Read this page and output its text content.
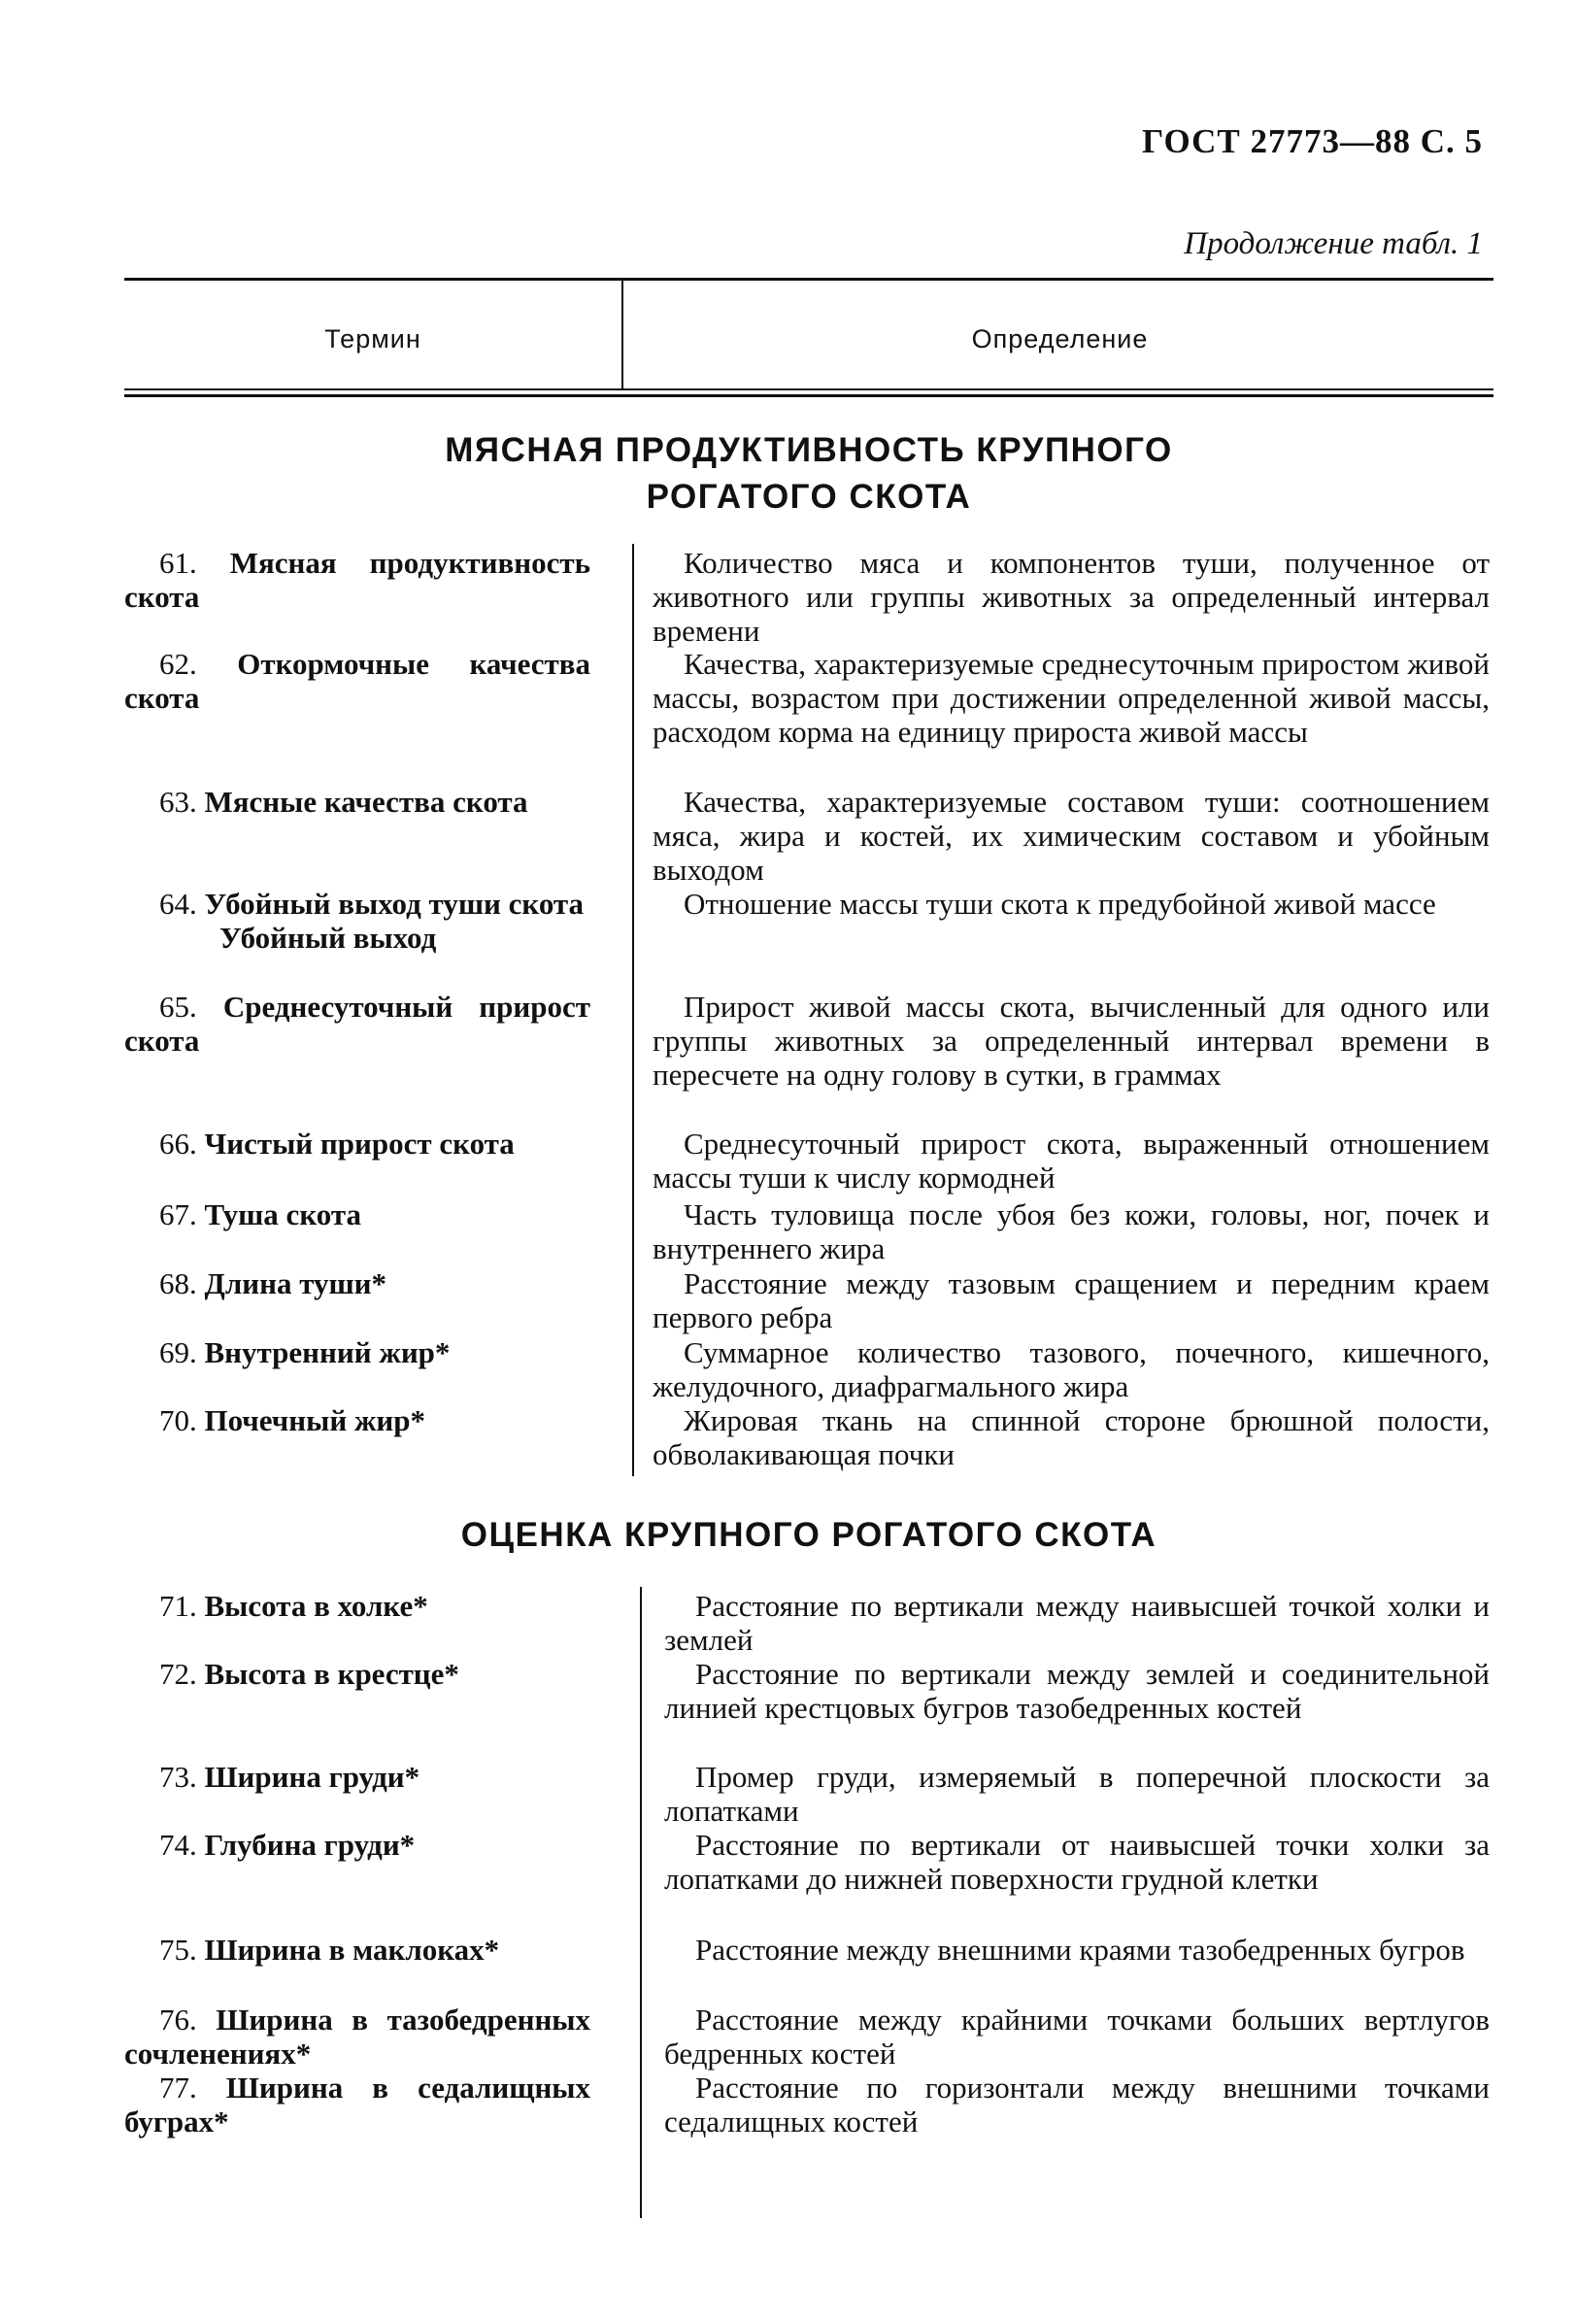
ГОСТ 27773—88 С. 5
Продолжение табл. 1
Термин	Определение
МЯСНАЯ ПРОДУКТИВНОСТЬ КРУПНОГО
РОГАТОГО СКОТА
61. Мясная продуктивность скота
62. Откормочные качества скота
63. Мясные качества скота
64. Убойный выход туши скота
Убойный выход
65. Среднесуточный прирост скота
66. Чистый прирост скота
67. Туша скота
68. Длина туши*
69. Внутренний жир*
70. Почечный жир*

Количество мяса и компонентов туши, полученное от животного или группы животных за определенный интервал времени

Качества, характеризуемые среднесуточным приростом живой массы, возрастом при достижении определенной живой массы, расходом корма на единицу прироста живой массы

Качества, характеризуемые составом туши: соотношением мяса, жира и костей, их химическим составом и убойным выходом

Отношение массы туши скота к предубойной живой массе

Прирост живой массы скота, вычисленный для одного или группы животных за определенный интервал времени в пересчете на одну голову в сутки, в граммах

Среднесуточный прирост скота, выраженный отношением массы туши к числу кормодней

Часть туловища после убоя без кожи, головы, ног, почек и внутреннего жира

Расстояние между тазовым сращением и передним краем первого ребра

Суммарное количество тазового, почечного, кишечного, желудочного, диафрагмального жира

Жировая ткань на спинной стороне брюшной полости, обволакивающая почки

ОЦЕНКА КРУПНОГО РОГАТОГО СКОТА
71. Высота в холке*
72. Высота в крестце*
73. Ширина груди*
74. Глубина груди*
75. Ширина в маклоках*
76. Ширина в тазобедренных сочленениях*
77. Ширина в седалищных буграх*

Расстояние по вертикали между наивысшей точкой холки и землей

Расстояние по вертикали между землей и соединительной линией крестцовых бугров тазобедренных костей

Промер груди, измеряемый в поперечной плоскости за лопатками

Расстояние по вертикали от наивысшей точки холки за лопатками до нижней поверхности грудной клетки

Расстояние между внешними краями тазобедренных бугров

Расстояние между крайними точками больших вертлугов бедренных костей

Расстояние по горизонтали между внешними точками седалищных костей
